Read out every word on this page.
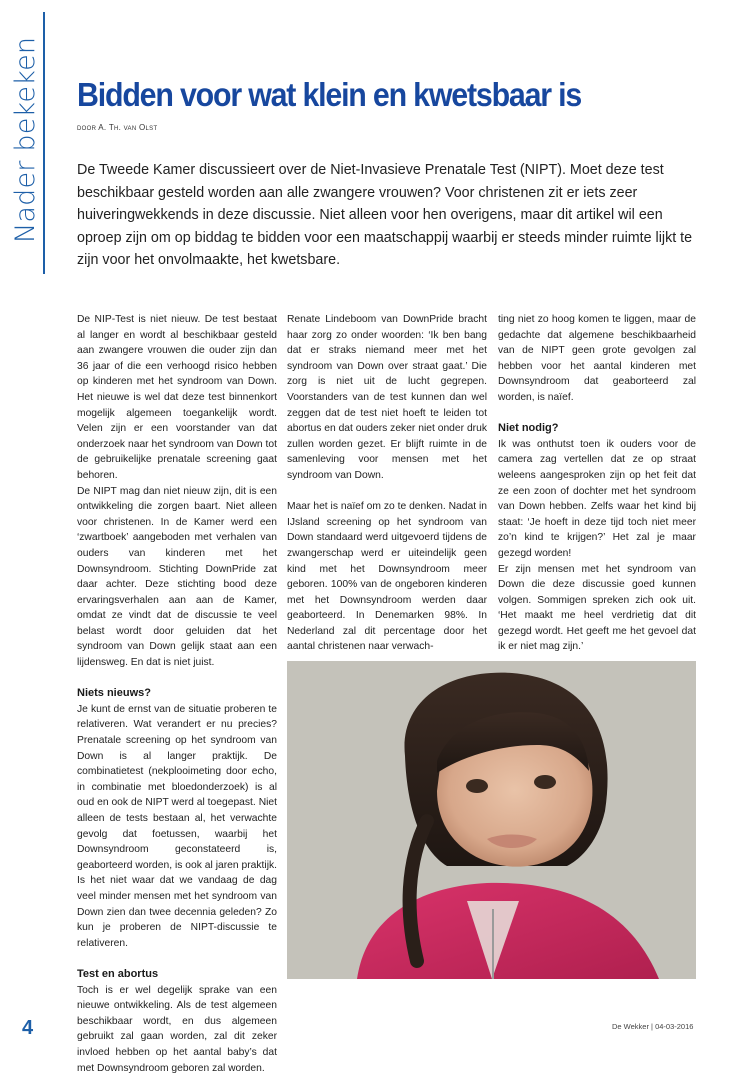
Nader bekeken Bidden voor wat klein en kwetsbaar is
door A. Th. van Olst

De Tweede Kamer discussieert over de Niet-Invasieve Prenatale Test (NIPT). Moet deze test beschikbaar gesteld worden aan alle zwangere vrouwen? Voor christenen zit er iets zeer huiveringwekkends in deze discussie. Niet alleen voor hen overigens, maar dit artikel wil een oproep zijn om op biddag te bidden voor een maatschappij waarbij er steeds minder ruimte lijkt te zijn voor het onvolmaakte, het kwetsbare.

De NIP-Test is niet nieuw. De test bestaat al langer en wordt al beschikbaar gesteld aan zwangere vrouwen die ouder zijn dan 36 jaar of die een verhoogd risico hebben op kinderen met het syndroom van Down. Het nieuwe is wel dat deze test binnenkort mogelijk algemeen toegankelijk wordt. Velen zijn er een voorstander van dat onderzoek naar het syndroom van Down tot de gebruikelijke prenatale screening gaat behoren.

De NIPT mag dan niet nieuw zijn, dit is een ontwikkeling die zorgen baart. Niet alleen voor christenen. In de Kamer werd een ‘zwartboek’ aangeboden met verhalen van ouders van kinderen met het Downsyndroom. Stichting DownPride zat daar achter. Deze stichting bood deze ervaringsverhalen aan aan de Kamer, omdat ze vindt dat de discussie te veel belast wordt door geluiden dat het syndroom van Down gelijk staat aan een lijdensweg. En dat is niet juist.

Niets nieuws?

Je kunt de ernst van de situatie proberen te relativeren. Wat verandert er nu precies? Prenatale screening op het syndroom van Down is al langer praktijk. De combinatietest (nekplooimeting door echo, in combinatie met bloedonderzoek) is al oud en ook de NIPT werd al toegepast. Niet alleen de tests bestaan al, het verwachte gevolg dat foetussen, waarbij het Downsyndroom geconstateerd is, geaborteerd worden, is ook al jaren praktijk. Is het niet waar dat we vandaag de dag veel minder mensen met het syndroom van Down zien dan twee decennia geleden? Zo kun je proberen de NIPT-discussie te relativeren.

Test en abortus

Toch is er wel degelijk sprake van een nieuwe ontwikkeling. Als de test algemeen beschikbaar wordt, en dus algemeen gebruikt zal gaan worden, zal dit zeker invloed hebben op het aantal baby’s dat met Downsyndroom geboren zal worden.

Renate Lindeboom van DownPride bracht haar zorg zo onder woorden: ‘Ik ben bang dat er straks niemand meer met het syndroom van Down over straat gaat.’ Die zorg is niet uit de lucht gegrepen. Voorstanders van de test kunnen dan wel zeggen dat de test niet hoeft te leiden tot abortus en dat ouders zeker niet onder druk zullen worden gezet. Er blijft ruimte in de samenleving voor mensen met het syndroom van Down.

Maar het is naïef om zo te denken. Nadat in IJsland screening op het syndroom van Down standaard werd uitgevoerd tijdens de zwangerschap werd er uiteindelijk geen kind met het Downsyndroom meer geboren. 100% van de ongeboren kinderen met het Downsyndroom werden daar geaborteerd. In Denemarken 98%. In Nederland zal dit percentage door het aantal christenen naar verwach-

ting niet zo hoog komen te liggen, maar de gedachte dat algemene beschikbaarheid van de NIPT geen grote gevolgen zal hebben voor het aantal kinderen met Downsyndroom dat geaborteerd zal worden, is naïef.

Niet nodig?

Ik was onthutst toen ik ouders voor de camera zag vertellen dat ze op straat weleens aangesproken zijn op het feit dat ze een zoon of dochter met het syndroom van Down hebben. Zelfs waar het kind bij staat: ‘Je hoeft in deze tijd toch niet meer zo’n kind te krijgen?’ Het zal je maar gezegd worden!

Er zijn mensen met het syndroom van Down die deze discussie goed kunnen volgen. Sommigen spreken zich ook uit. ‘Het maakt me heel verdrietig dat dit gezegd wordt. Het geeft me het gevoel dat ik er niet mag zijn.’

4	De Wekker | 04-03-2016
